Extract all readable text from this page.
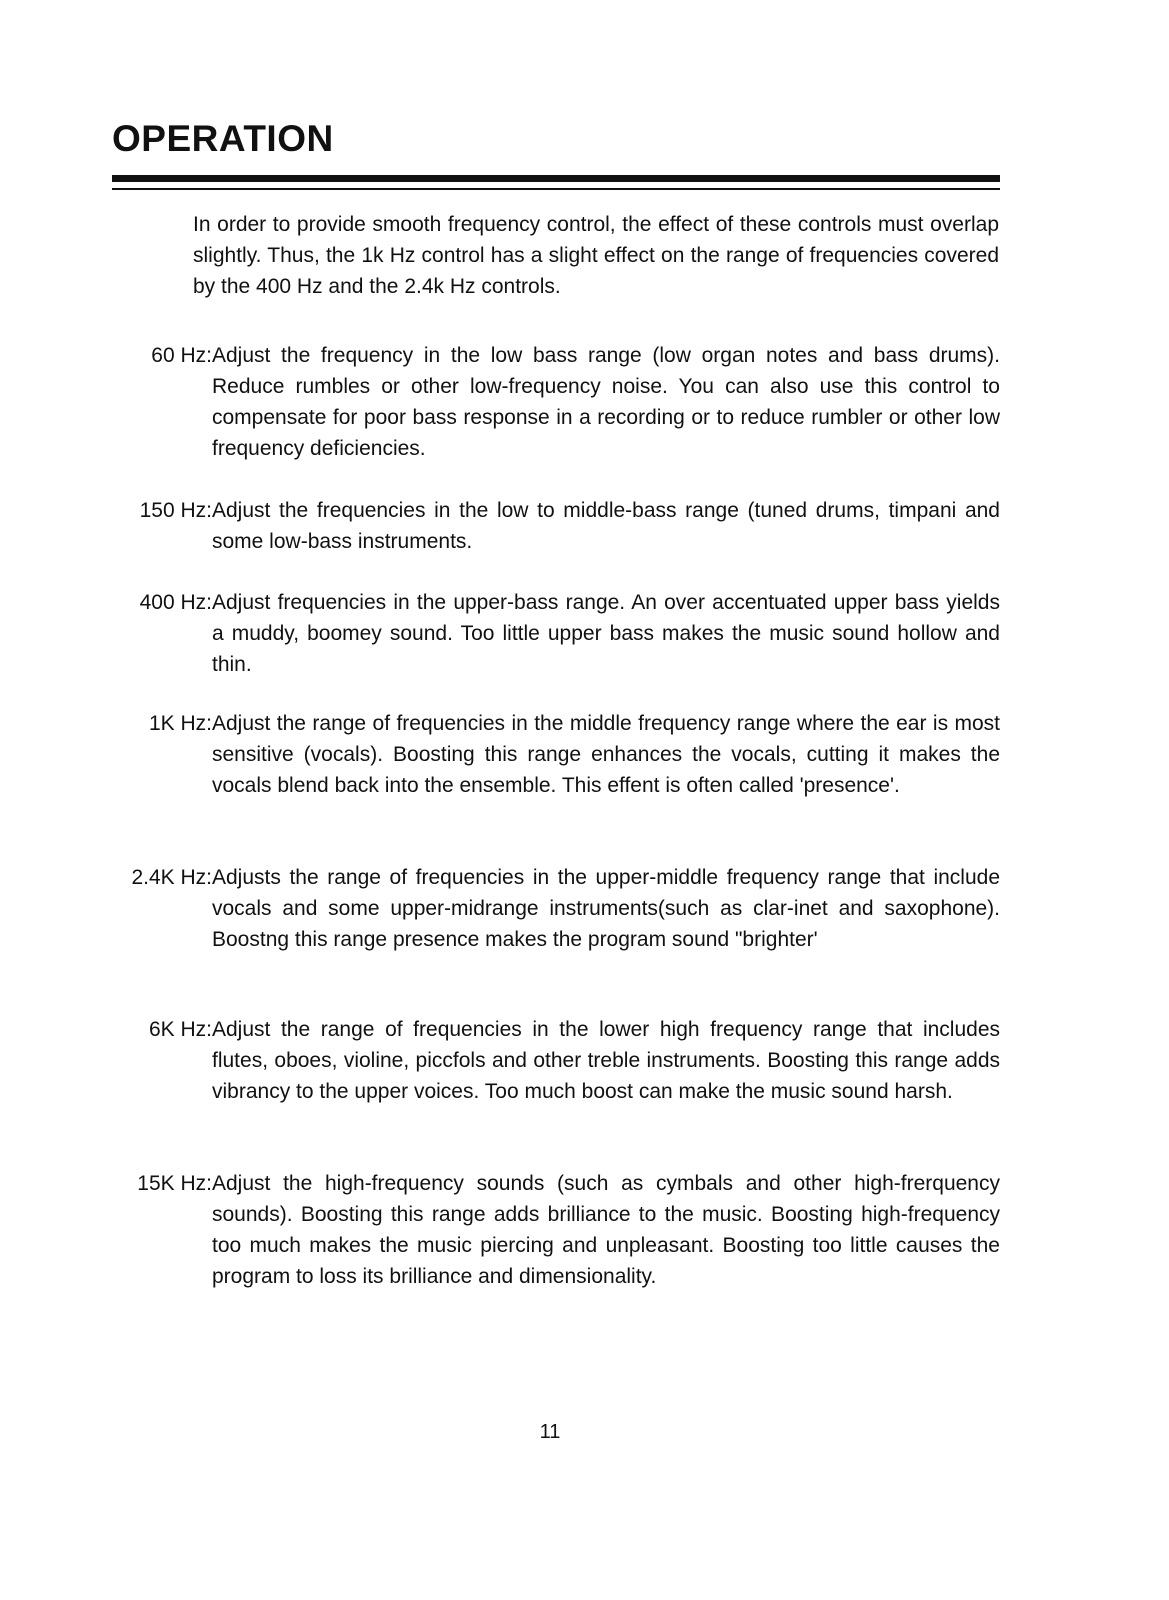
OPERATION

In order to provide smooth frequency control, the effect of these controls must overlap slightly. Thus, the 1k Hz control has a slight effect on the range of frequencies covered by the 400 Hz and the 2.4k Hz controls.

60 Hz: Adjust the frequency in the low bass range (low organ notes and bass drums). Reduce rumbles or other low-frequency noise. You can also use this control to compensate for poor bass response in a recording or to reduce rumbler or other low frequency deficiencies.

150 Hz: Adjust the frequencies in the low to middle-bass range (tuned drums, timpani and some low-bass instruments.

400 Hz: Adjust frequencies in the upper-bass range. An over accentuated upper bass yields a muddy, boomey sound. Too little upper bass makes the music sound hollow and thin.

1K Hz: Adjust the range of frequencies in the middle frequency range where the ear is most sensitive (vocals). Boosting this range enhances the vocals, cutting it makes the vocals blend back into the ensemble. This effent is often called 'presence'.

2.4K Hz: Adjusts the range of frequencies in the upper-middle frequency range that include vocals and some upper-midrange instruments(such as clar-inet and saxophone). Boostng this range presence makes the program sound "brighter'

6K Hz: Adjust the range of frequencies in the lower high frequency range that includes flutes, oboes, violine, piccfols and other treble instruments. Boosting this range adds vibrancy to the upper voices. Too much boost can make the music sound harsh.

15K Hz: Adjust the high-frequency sounds (such as cymbals and other high-frerquency sounds). Boosting this range adds brilliance to the music. Boosting high-frequency too much makes the music piercing and unpleasant. Boosting too little causes the program to loss its brilliance and dimensionality.

11
